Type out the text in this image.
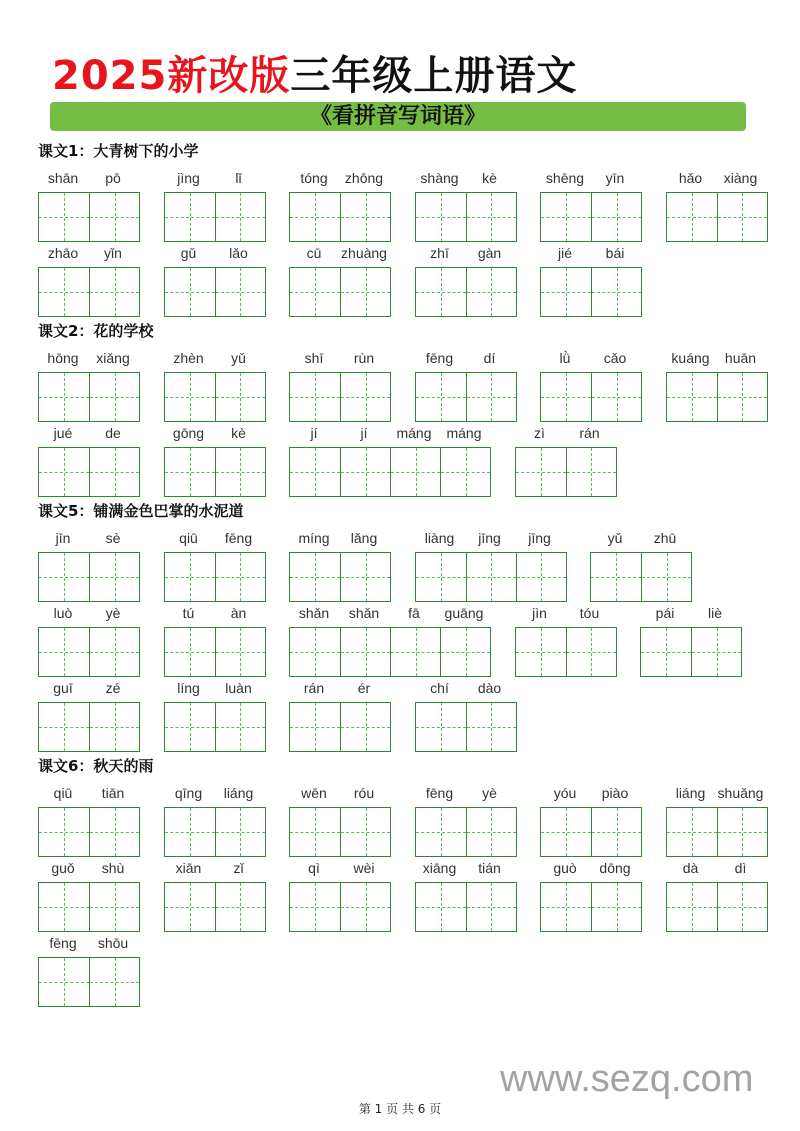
2025新改版三年级上册语文
《看拼音写词语》
课文1：大青树下的小学
shān	pō	jìng	lǐ	tóng	zhōng	shàng	kè	shēng	yīn	hǎo	xiàng
zhāo	yǐn	gǔ	lǎo	cū	zhuàng	zhī	gàn	jié	bái
课文2：花的学校
hōng	xiǎng	zhèn	yǔ	shī	rùn	fēng	dí	lǜ	cǎo	kuáng	huān
jué	de	gōng	kè	jí	jí	máng	máng	zì	rán
课文5：铺满金色巴掌的水泥道
jīn	sè	qiū	fēng	míng	lǎng	liàng	jīng	jīng	yǔ	zhū
luò	yè	tú	àn	shǎn	shǎn	fā	guāng	jìn	tóu	pái	liè
guī	zé	líng	luàn	rán	ér	chí	dào
课文6：秋天的雨
qiū	tiān	qīng	liáng	wēn	róu	fēng	yè	yóu	piào	liáng shuǎng
guǒ	shù	xiān	zǐ	qì	wèi	xiāng	tián	guò	dōng	dà	dì
fēng	shōu
www.sezq.com
第 1 页 共 6 页
